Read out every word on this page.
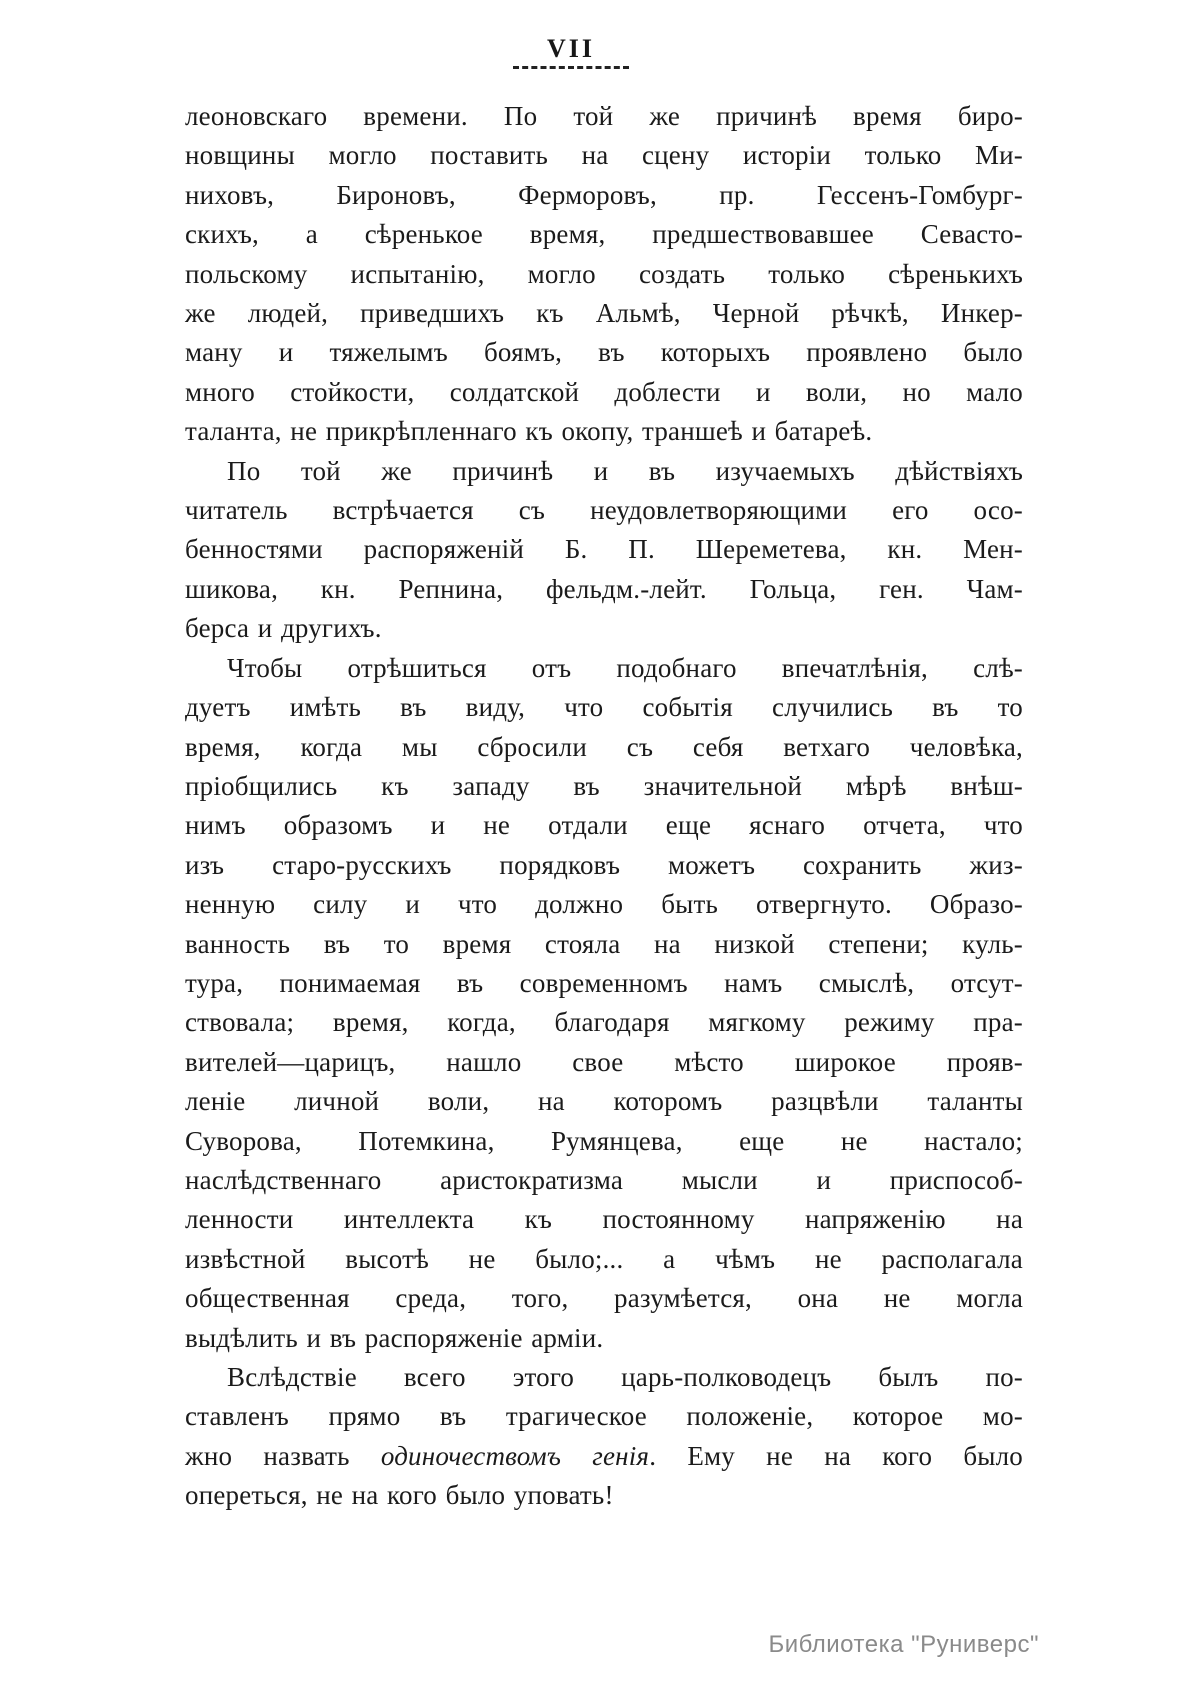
VII
леоновскаго времени. По той же причинѣ время биро-
новщины могло поставить на сцену исторіи только Ми-
ниховъ, Бироновъ, Ферморовъ, пр. Гессенъ-Гомбург-
скихъ, а сѣренькое время, предшествовавшее Севасто-
польскому испытанію, могло создать только сѣренькихъ
же людей, приведшихъ къ Альмѣ, Черной рѣчкѣ, Инкер-
ману и тяжелымъ боямъ, въ которыхъ проявлено было
много стойкости, солдатской доблести и воли, но мало
таланта, не прикрѣпленнаго къ окопу, траншеѣ и батареѣ.
По той же причинѣ и въ изучаемыхъ дѣйствіяхъ
читатель встрѣчается съ неудовлетворяющими его осо-
бенностями распоряженій Б. П. Шереметева, кн. Мен-
шикова, кн. Репнина, фельдм.-лейт. Гольца, ген. Чам-
берса и другихъ.
Чтобы отрѣшиться отъ подобнаго впечатлѣнія, слѣ-
дуетъ имѣть въ виду, что событія случились въ то
время, когда мы сбросили съ себя ветхаго человѣка,
пріобщились къ западу въ значительной мѣрѣ внѣш-
нимъ образомъ и не отдали еще яснаго отчета, что
изъ старо-русскихъ порядковъ можетъ сохранить жиз-
ненную силу и что должно быть отвергнуто. Образо-
ванность въ то время стояла на низкой степени; куль-
тура, понимаемая въ современномъ намъ смыслѣ, отсут-
ствовала; время, когда, благодаря мягкому режиму пра-
вителей—царицъ, нашло свое мѣсто широкое прояв-
леніе личной воли, на которомъ разцвѣли таланты
Суворова, Потемкина, Румянцева, еще не настало;
наслѣдственнаго аристократизма мысли и приспособ-
ленности интеллекта къ постоянному напряженію на
извѣстной высотѣ не было;... а чѣмъ не располагала
общественная среда, того, разумѣется, она не могла
выдѣлить и въ распоряженіе арміи.
Вслѣдствіе всего этого царь-полководецъ былъ по-
ставленъ прямо въ трагическое положеніе, которое мо-
жно назвать одиночествомъ генія. Ему не на кого было
опереться, не на кого было уповать!
Библиотека "Руниверс"
